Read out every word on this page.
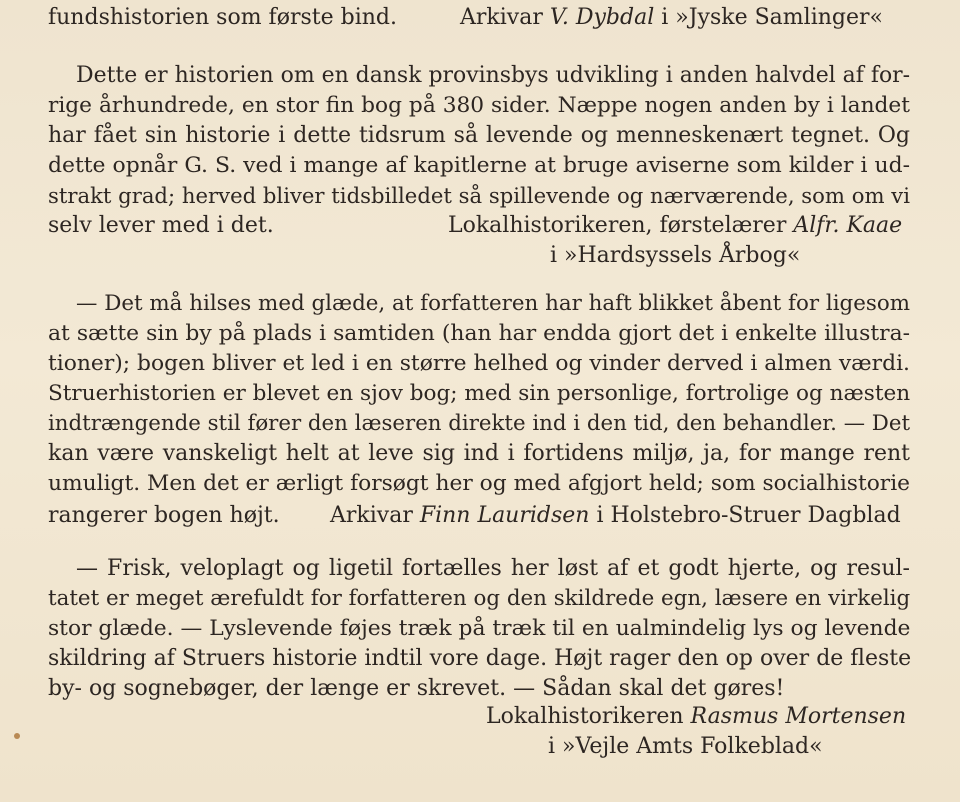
fundshistorien som første bind.	Arkivar V. Dybdal i »Jyske Samlinger«
Dette er historien om en dansk provinsbys udvikling i anden halvdel af for-
rige århundrede, en stor fin bog på 380 sider. Næppe nogen anden by i landet
har fået sin historie i dette tidsrum så levende og menneskenært tegnet. Og
dette opnår G. S. ved i mange af kapitlerne at bruge aviserne som kilder i ud-
strakt grad; herved bliver tidsbilledet så spillevende og nærværende, som om vi
selv lever med i det.	Lokalhistorikeren, førstelærer Alfr. Kaae
i »Hardsyssels Årbog«
— Det må hilses med glæde, at forfatteren har haft blikket åbent for ligesom
at sætte sin by på plads i samtiden (han har endda gjort det i enkelte illustra-
tioner); bogen bliver et led i en større helhed og vinder derved i almen værdi.
Struerhistorien er blevet en sjov bog; med sin personlige, fortrolige og næsten
indtrængende stil fører den læseren direkte ind i den tid, den behandler. — Det
kan være vanskeligt helt at leve sig ind i fortidens miljø, ja, for mange rent
umuligt. Men det er ærligt forsøgt her og med afgjort held; som socialhistorie
rangerer bogen højt. Arkivar Finn Lauridsen i Holstebro-Struer Dagblad
— Frisk, veloplagt og ligetil fortælles her løst af et godt hjerte, og resul-
tatet er meget ærefuldt for forfatteren og den skildrede egn, læsere en virkelig
stor glæde. — Lyslevende føjes træk på træk til en ualmindelig lys og levende
skildring af Struers historie indtil vore dage. Højt rager den op over de fleste
by- og sognebøger, der længe er skrevet. — Sådan skal det gøres!
Lokalhistorikeren Rasmus Mortensen
i »Vejle Amts Folkeblad«
